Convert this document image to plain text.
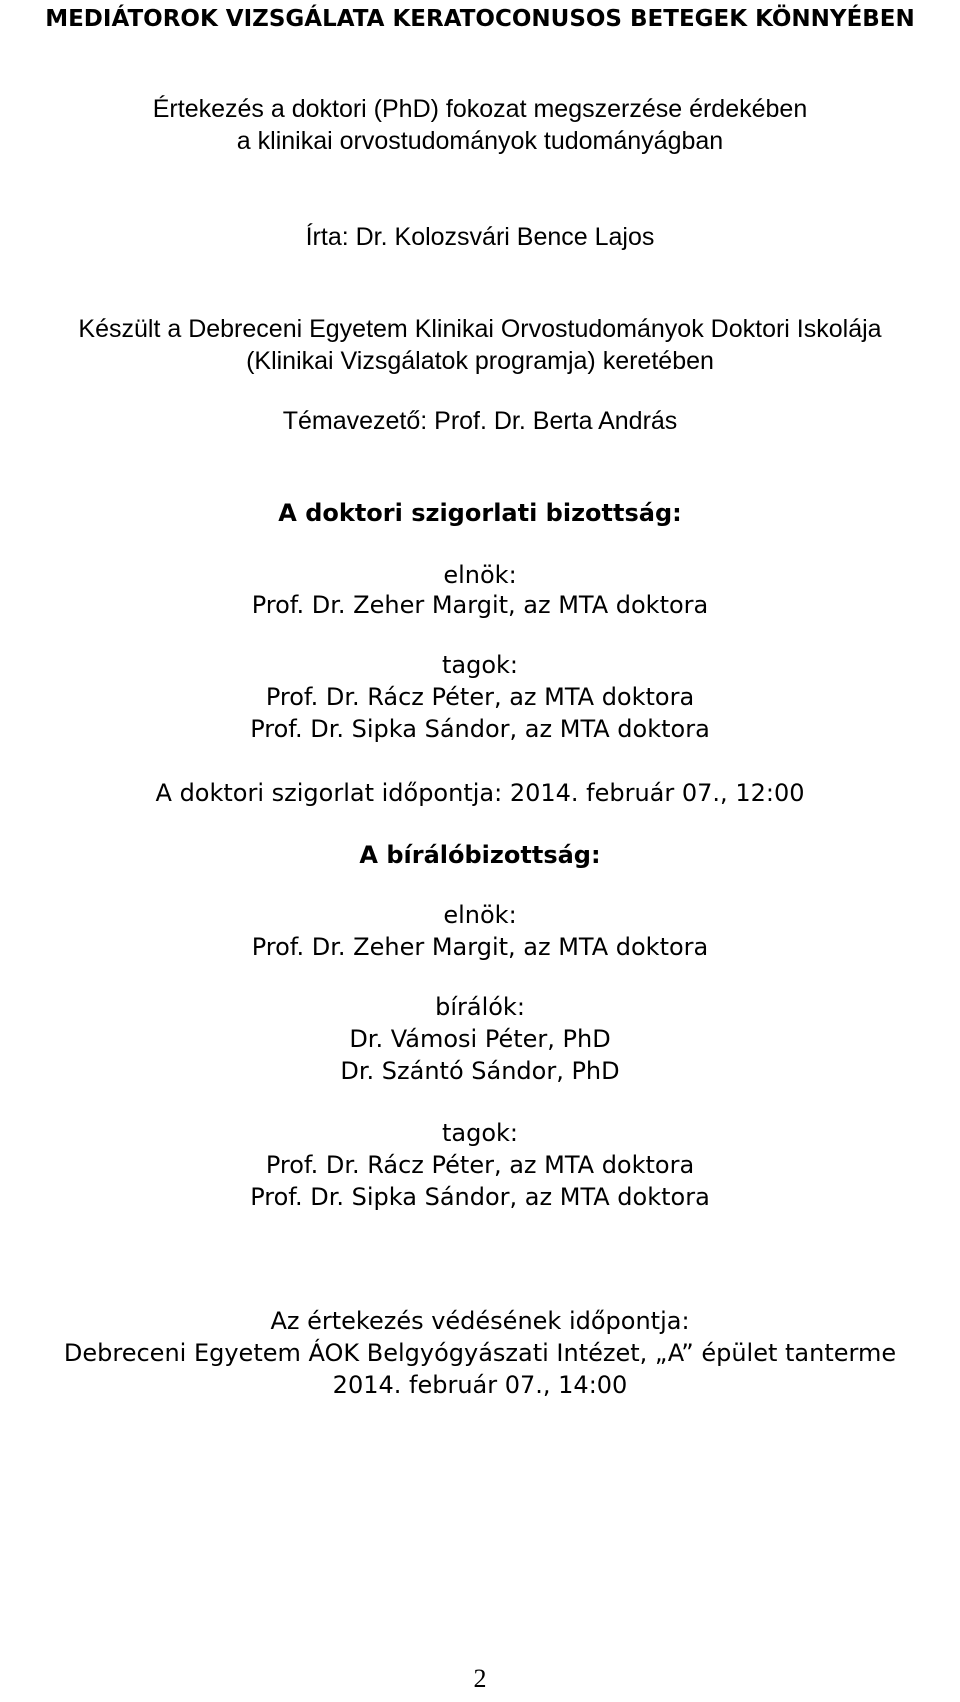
MEDIÁTOROK VIZSGÁLATA KERATOCONUSOS BETEGEK KÖNNYÉBEN
Értekezés a doktori (PhD) fokozat megszerzése érdekében
a klinikai orvostudományok tudományágban
Írta: Dr. Kolozsvári Bence Lajos
Készült a Debreceni Egyetem Klinikai Orvostudományok Doktori Iskolája
(Klinikai Vizsgálatok programja) keretében
Témavezető: Prof. Dr. Berta András
A doktori szigorlati bizottság:
elnök:
Prof. Dr. Zeher Margit, az MTA doktora
tagok:
Prof. Dr. Rácz Péter, az MTA doktora
Prof. Dr. Sipka Sándor, az MTA doktora
A doktori szigorlat időpontja: 2014. február 07., 12:00
A bírálóbizottság:
elnök:
Prof. Dr. Zeher Margit, az MTA doktora
bírálók:
Dr. Vámosi Péter, PhD
Dr. Szántó Sándor, PhD
tagok:
Prof. Dr. Rácz Péter, az MTA doktora
Prof. Dr. Sipka Sándor, az MTA doktora
Az értekezés védésének időpontja:
Debreceni Egyetem ÁOK Belgyógyászati Intézet, „A” épület tanterme
2014. február 07., 14:00
2
